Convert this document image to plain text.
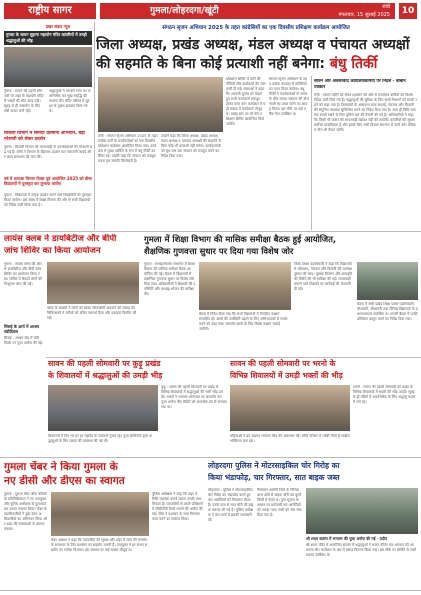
राष्ट्रीय सागर	गुमला/लोहरदगा/खूंटी	रांची
मंगलवार, 15 जुलाई 2025	10
संगठन सृजन अभियान 2025 के तहत कांग्रेसियों का एक दिवसीय प्रशिक्षण कार्यक्रम आयोजित
जिला अध्यक्ष, प्रखंड अध्यक्ष, मंडल अध्यक्ष व पंचायत अध्यक्षों
की सहमति के बिना कोई प्रत्याशी नहीं बनेगा: बंधु तिर्की
प्रखर संवाद न्यूज
गुमला के सावन सुहाना महायोग मंदिर कांवरियों में उमड़ी श्रद्धालुओं की भीड़
गुमला : सावन की पहली सोमवारी पर शहर के महायोग मंदिर में भक्तों की भीड़ उमड़ पड़ी। सुबह से ही जलार्पण के लिए लंबी कतार लगी रही।
श्रद्धालुओं ने भगवान शिव का जलाभिषेक कर सुख समृद्धि की कामना की। मंदिर परिसर में सुरक्षा के पुख्ता इंतजाम किये गये थे।
बिजली विभाग में समाया वर्तमानी अभियान, बढ़ी परेशानी को लेकर प्रदर्शन
गुमला : बिजली विभाग की लापरवाही से उपभोक्ताओं की परेशानी बढ़ गई है। लोगों ने विभाग के खिलाफ प्रदर्शन कर नाराजगी जताई और जल्द समाधान की मांग की।
वर्ष में प्रत्याशा विभाग दिवस पूर्व आयोजित 2025 को ग्रीष्म विद्यालयों में पुरस्कृत कर लुभाया जायेगा
गुमला : विद्यालयों में उत्कृष्ट प्रदर्शन करने वाले विद्यार्थियों को पुरस्कृत किया जायेगा। इस संबंध में शिक्षा विभाग की ओर से सभी विद्यालयों को निर्देश जारी किया गया है।
रांची : संगठन सृजन अभियान 2025 के तहत कांग्रेस पार्टी के कार्यकर्ताओं का एक दिवसीय प्रशिक्षण कार्यक्रम आयोजित किया गया। कार्यक्रम में मुख्य अतिथि के रूप में बंधु तिर्की उपस्थित रहे। उन्होंने कहा कि संगठन को मजबूत करना हम सबकी जिम्मेदारी है।
उन्होंने कहा कि जिला अध्यक्ष, प्रखंड अध्यक्ष, मंडल अध्यक्ष व पंचायत अध्यक्षों की सहमति के बिना कोई भी प्रत्याशी नहीं बनेगा। कार्यकर्ताओं को बूथ स्तर तक संगठन को मजबूत करने का निर्देश दिया गया।
प्रशिक्षण शिविर में पार्टी की नीतियों और कार्यक्रमों की जानकारी दी गई। वक्ताओं ने कहा कि आगामी चुनाव को देखते हुए सभी कार्यकर्ता एकजुट होकर काम करें। कार्यक्रम में बड़ी संख्या में कार्यकर्ता मौजूद थे। प्रखंड स्तर पर भी ऐसे प्रशिक्षण शिविर आयोजित किये जायेंगे।
संगठन सृजन अभियान के तहत प्रत्येक पंचायत में समितियों का गठन किया जायेगा। बंधु तिर्की ने कार्यकर्ताओं से जनता के बीच जाकर सरकार की योजनाओं का प्रचार करने का आग्रह किया। इस मौके पर कई वरिष्ठ नेता उपस्थित थे।
सावन और अवसरवाद कार्यालयकर्मियों पर निर्देश - बाबान पत्रकार
रांची : सावन महीने को लेकर प्रशासन की ओर से कार्यालय कर्मियों को विशेष निर्देश जारी किये गये हैं। श्रद्धालुओं की सुविधा के लिए सभी विभागों को सतर्क रहने को कहा गया है। शिवालयों के आसपास साफ सफाई, पेयजल और बिजली की समुचित व्यवस्था सुनिश्चित करने का निर्देश दिया गया है। साथ ही विधि व्यवस्था बनाये रखने के लिए पुलिस बल की तैनाती की गई है। अधिकारियों ने कहा कि किसी भी प्रकार की लापरवाही बर्दाश्त नहीं की जायेगी। कांवरियों की सुरक्षा सर्वोच्च प्राथमिकता है और इसके लिए सभी विभाग समन्वय से कार्य करें। मेडिकल टीम भी तैनात रहेगी।
लायंस क्लब ने डायबिटीज और बीपी
जांच शिविर का किया आयोजन
गुमला : लायंस क्लब की ओर से डायबिटीज और बीपी जांच शिविर का आयोजन किया गया। शिविर में सैकड़ों लोगों की निःशुल्क जांच की गई।
क्लब के सदस्यों ने लोगों को स्वस्थ जीवनशैली अपनाने की सलाह दी। चिकित्सकों ने मरीजों को उचित परामर्श दिया और दवाइयां वितरित की गईं।
सिसई के आर्य में आश्रय चंडीदिवस
सिसई : आश्रय केंद्र में चंडी दिवस पर पूजा अर्चना की गई।
गुमला में शिक्षा विभाग की मासिक समीक्षा बैठक हुई आयोजित,
शैक्षणिक गुणवत्ता सुधार पर दिया गया विशेष जोर
गुमला : समाहरणालय सभागार में शिक्षा विभाग की मासिक समीक्षा बैठक आयोजित की गई। बैठक में विद्यालयों में शैक्षणिक गुणवत्ता सुधार पर विशेष जोर दिया गया। अधिकारियों ने शिक्षकों की उपस्थिति और मध्याह्न भोजन की समीक्षा की।
बैठक में निर्देश दिया गया कि सभी विद्यालयों में नियमित कक्षाएं संचालित हों। छात्रों की उपस्थिति बढ़ाने के लिए अभिभावकों से संपर्क करने को कहा गया। कमजोर छात्रों के लिए विशेष कक्षाएं चलाई जायेंगी।
जिला शिक्षा पदाधिकारी ने कहा कि विद्यालयों में शौचालय, पेयजल और बिजली की व्यवस्था दुरुस्त की जाए। पुस्तक वितरण और छात्रवृत्ति की स्थिति की भी समीक्षा की गई। लापरवाही बरतने वाले शिक्षकों पर कार्रवाई की चेतावनी दी गई।
बैठक में सभी प्रखंड शिक्षा प्रसार पदाधिकारी, बीआरपी, सीआरपी तथा विभिन्न विद्यालयों के प्रधानाध्यापक उपस्थित थे। अगली बैठक में प्रगति प्रतिवेदन प्रस्तुत करने का निर्देश दिया गया।
सावन की पहली सोमवारी पर कुड़ू प्रखंड
के शिवालयों में श्रद्धालुओं की उमड़ी भीड़
कुड़ू : सावन की पहली सोमवारी पर प्रखंड के विभिन्न शिवालयों में श्रद्धालुओं की भारी भीड़ उमड़ी। भक्तों ने भगवान भोलेनाथ पर जलार्पण कर पूजा अर्चना की। मंदिरों को आकर्षक ढंग से सजाया गया था।
शिवालयों में दिन भर हर हर महादेव के जयकारे गूंजते रहे। पूजा समितियों द्वारा श्रद्धालुओं के लिए प्रसाद की व्यवस्था की गई थी।
सावन की पहली सोमवारी पर भरनो के
विभिन्न शिवालयों में उमड़ी भक्तों की भीड़
भरनो : सावन की पहली सोमवारी को प्रखंड के विभिन्न शिवालयों में भक्तों की भीड़ उमड़ी। सुबह से ही मंदिरों में जलाभिषेक के लिए श्रद्धालु कतार में लगे रहे।
महिलाओं ने व्रत रखकर भगवान शिव की आराधना की। मंदिर परिसर में भक्ति गीतों से माहौल भक्तिमय बना रहा।
गुमला चेंबर ने किया गुमला के
नए डीसी और डीएस का स्वागत
गुमला : गुमला चेंबर ऑफ कॉमर्स के प्रतिनिधिमंडल ने नए उपायुक्त और पुलिस अधीक्षक से मुलाकात कर उनका स्वागत किया। चेंबर के पदाधिकारियों ने बुके देकर अधिकारियों का अभिनंदन किया और शहर की समस्याओं से अवगत कराया।
चेंबर अध्यक्ष ने कहा कि व्यापारियों की सुरक्षा और शहर में जाम की समस्या के समाधान के लिए प्रशासन का सहयोग जरूरी है। उपायुक्त ने हर संभव सहयोग का भरोसा दिलाया। इस अवसर पर कई सदस्य मौजूद थे।
पुलिस अधीक्षक ने कहा कि शहर में विधि व्यवस्था बनाये रखना उनकी प्राथमिकता है। व्यापारियों से अपने प्रतिष्ठानों में सीसीटीवी कैमरे लगाने की अपील की गई। चेंबर ने प्रशासन के साथ मिलकर काम करने का संकल्प लिया।
लोहरदगा पुलिस ने मोटरसाइकिल चोर गिरोह का
किया भंडाफोड़, चार गिरफ्तार, सात बाइक जब्त
लोहरदगा : पुलिस ने मोटरसाइकिल चोर गिरोह का भंडाफोड़ करते हुए चार आरोपियों को गिरफ्तार किया है। उनके पास से सात चोरी की बाइक बरामद की गई है। पुलिस अधीक्षक ने प्रेस वार्ता में इसकी जानकारी दी।
गिरफ्तार आरोपी जिले के विभिन्न थाना क्षेत्रों से बाइक चोरी कर दूसरे जिलों में बेचते थे। गुप्त सूचना के आधार पर छापेमारी कर आरोपियों को पकड़ा गया। सभी को जेल भेज दिया गया है।
श्री श्याम सत्संग में भगवान की पूजा अर्चना की गई - प्रदीप
श्री श्याम मंदिर में आयोजित सत्संग में श्रद्धालुओं ने भजन कीर्तन कर भगवान की आराधना की। कार्यक्रम के अंत में प्रसाद वितरण किया गया। इस मौके पर समिति के सभी सदस्य उपस्थित थे।
